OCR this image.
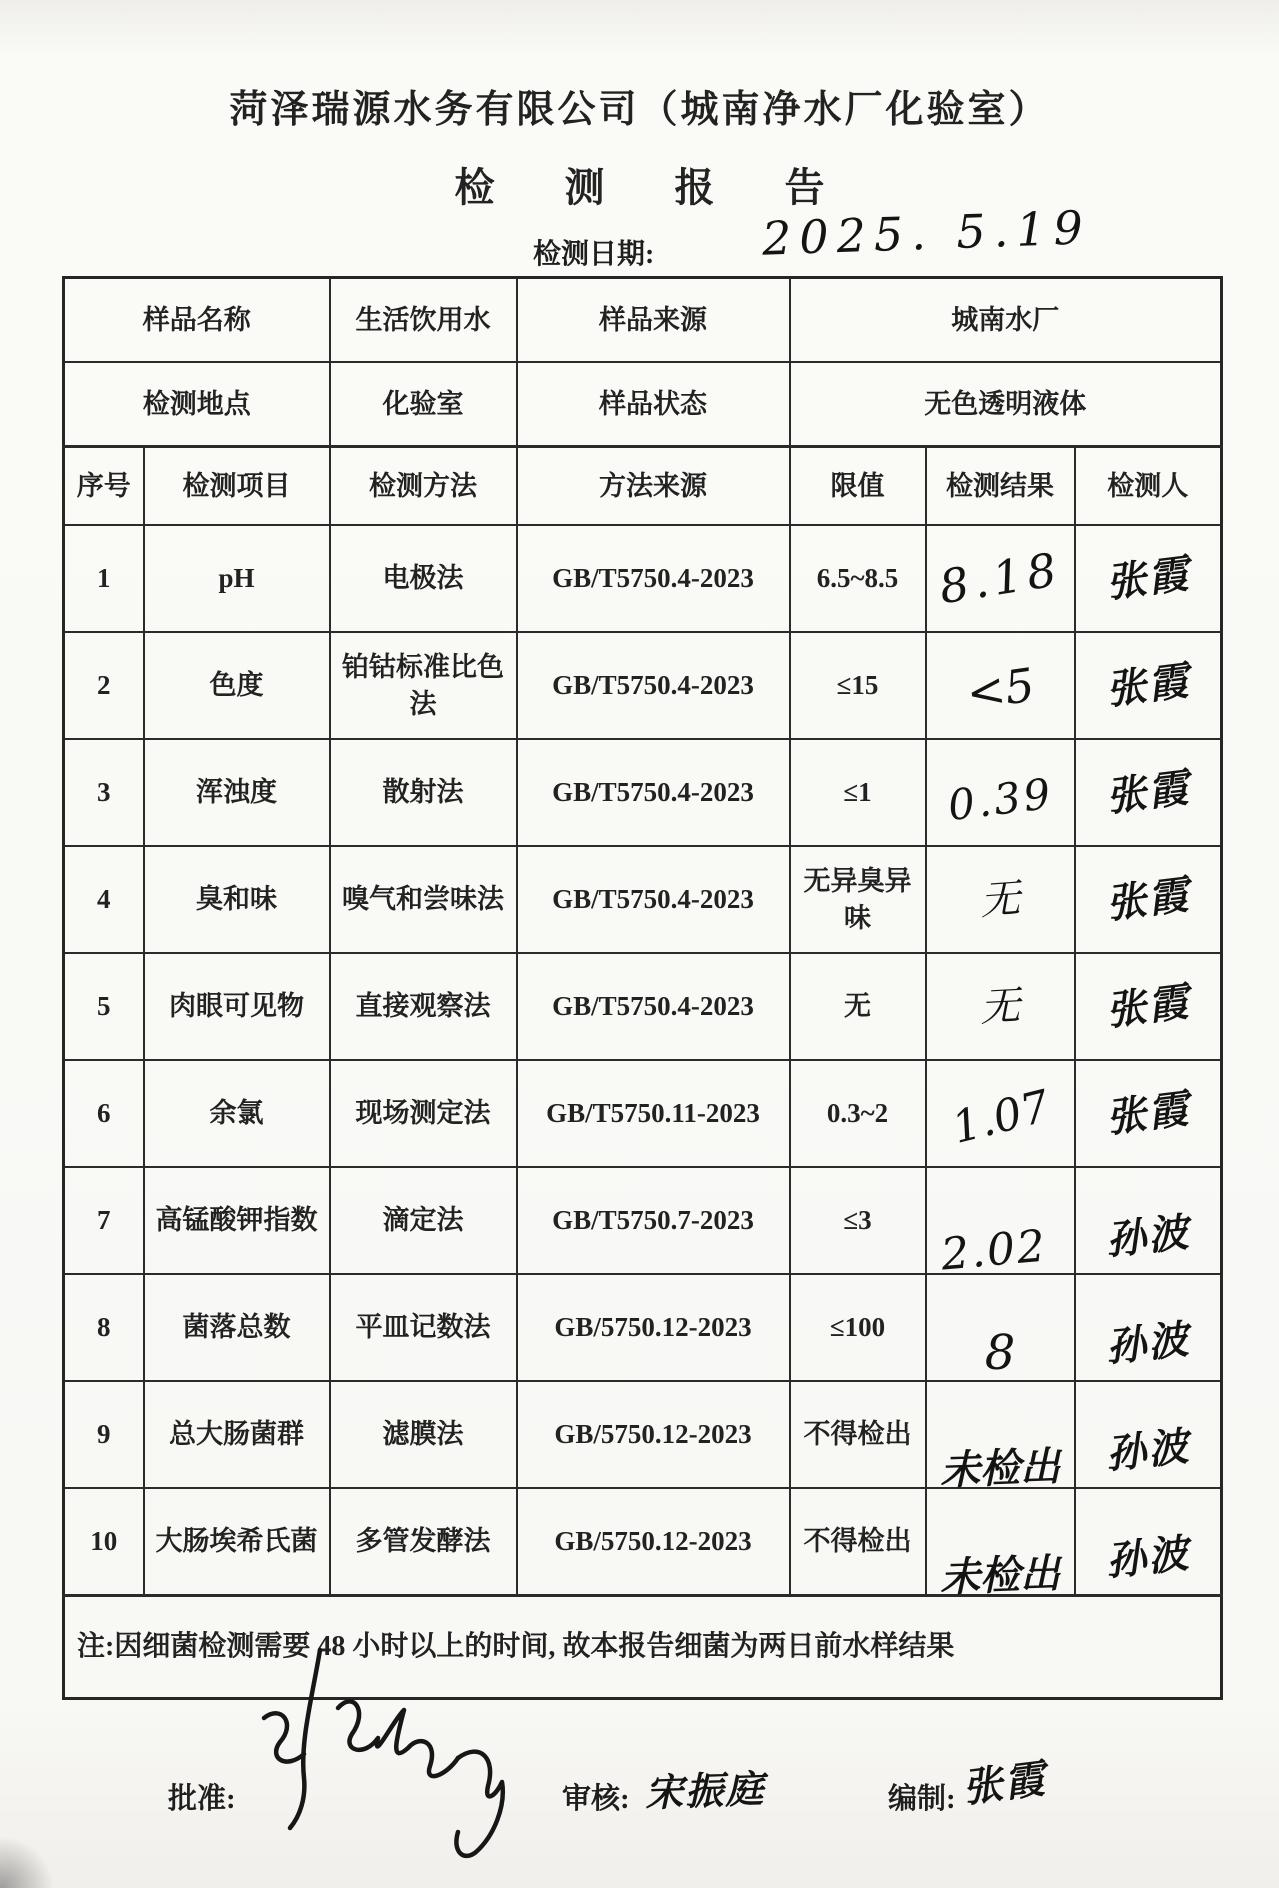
菏泽瑞源水务有限公司（城南净水厂化验室）
检 测 报 告
检测日期: 2025. 5.19
样品名称		生活饮用水	样品来源	城南水厂		
检测地点		化验室	样品状态	无色透明液体		
序号	检测项目	检测方法	方法来源	限值	检测结果	检测人
1	pH	电极法	GB/T5750.4-2023	6.5~8.5	8.18	张霞
2	色度	铂钴标准比色法	GB/T5750.4-2023	≤15	<5	张霞
3	浑浊度	散射法	GB/T5750.4-2023	≤1	0.39	张霞
4	臭和味	嗅气和尝味法	GB/T5750.4-2023	无异臭异味	无	张霞
5	肉眼可见物	直接观察法	GB/T5750.4-2023	无	无	张霞
6	余氯	现场测定法	GB/T5750.11-2023	0.3~2	1.07	张霞
7	高锰酸钾指数	滴定法	GB/T5750.7-2023	≤3	2.02	孙波
8	菌落总数	平皿记数法	GB/5750.12-2023	≤100	8	孙波
9	总大肠菌群	滤膜法	GB/5750.12-2023	不得检出	未检出	孙波
10	大肠埃希氏菌	多管发酵法	GB/5750.12-2023	不得检出	未检出	孙波
注:因细菌检测需要 48 小时以上的时间, 故本报告细菌为两日前水样结果						
批准:	审核: 宋振庭	编制: 张霞
